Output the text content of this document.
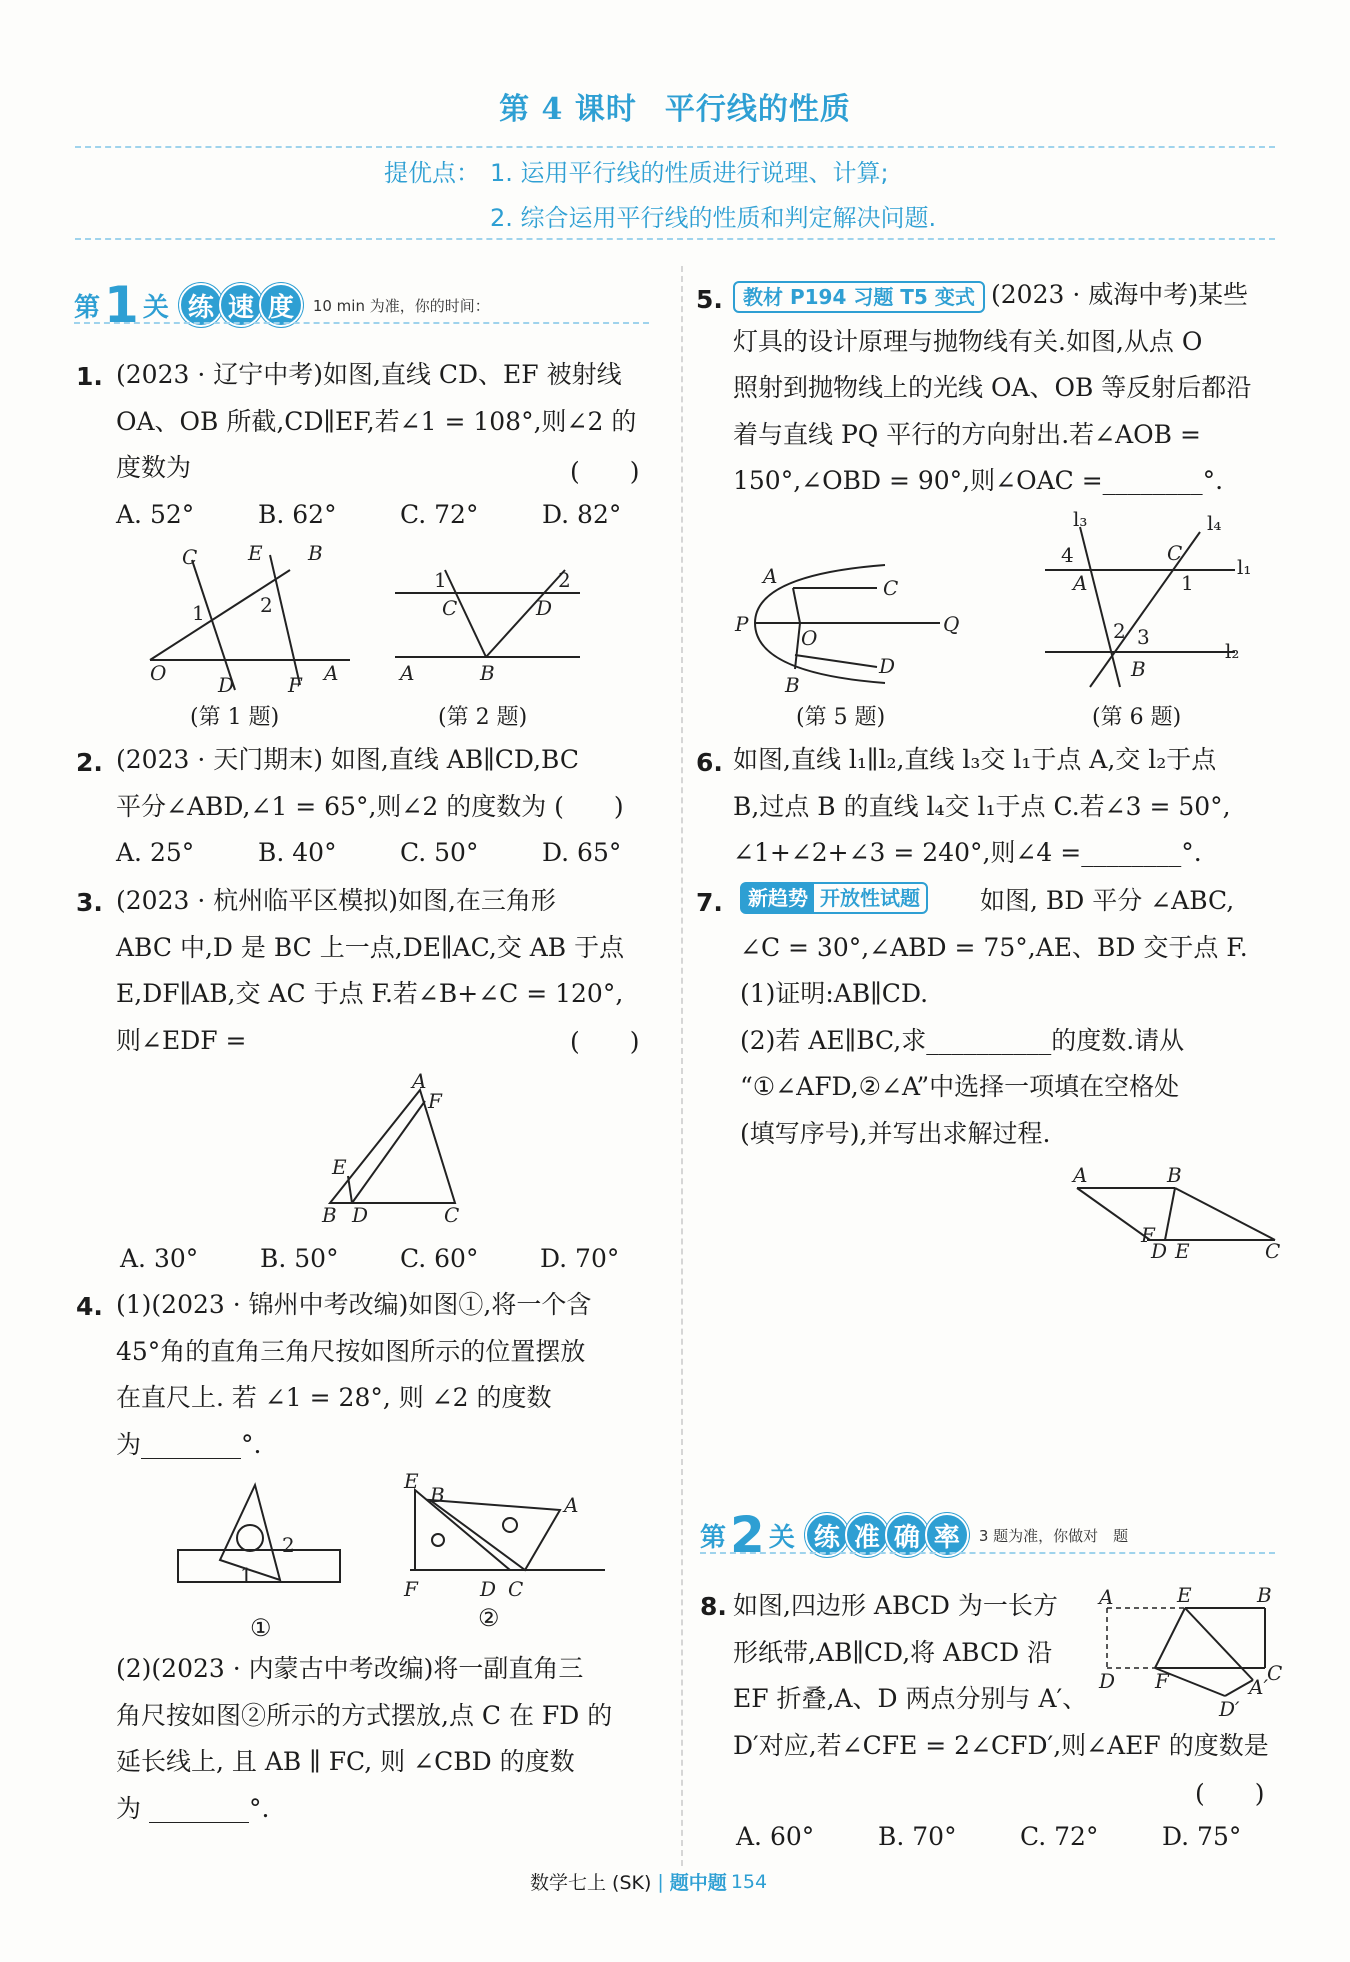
第 4 课时 平行线的性质
提优点： 1. 运用平行线的性质进行说理、计算;
2. 综合运用平行线的性质和判定解决问题.
第 1 关 练 速 度	10 min 为准，你的时间：
1. (2023 · 辽宁中考)如图,直线 CD、EF 被射线
OA、OB 所截,CD∥EF,若∠1 = 108°,则∠2 的
度数为	(　　)
A. 52°	B. 62°	C. 72°	D. 82°
C	E B
O	D	F A
1	2
(第 1 题)
1	2
C	D
A	B
(第 2 题)
2. (2023 · 天门期末) 如图,直线 AB∥CD,BC
平分∠ABD,∠1 = 65°,则∠2 的度数为 (　　)
A. 25°	B. 40°	C. 50°	D. 65°
3. (2023 · 杭州临平区模拟)如图,在三角形
ABC 中,D 是 BC 上一点,DE∥AC,交 AB 于点
E,DF∥AB,交 AC 于点 F.若∠B+∠C = 120°,
则∠EDF =	(　　)
A
F
E
B D	C
A. 30°	B. 50°	C. 60°	D. 70°
4. (1)(2023 · 锦州中考改编)如图①,将一个含
45°角的直角三角尺按如图所示的位置摆放
在直尺上. 若 ∠1 = 28°, 则 ∠2 的度数
为________°.
2
1
①
E
B	A
F	D C
②
(2)(2023 · 内蒙古中考改编)将一副直角三
角尺按如图②所示的方式摆放,点 C 在 FD 的
延长线上, 且 AB ∥ FC, 则 ∠CBD 的度数
为 ________°.
5.	教材 P194 习题 T5 变式 (2023 · 威海中考)某些
灯具的设计原理与抛物线有关.如图,从点 O
照射到抛物线上的光线 OA、OB 等反射后都沿
着与直线 PQ 平行的方向射出.若∠AOB =
150°,∠OBD = 90°,则∠OAC =________°.
A	C
P
O
Q
B
D
(第 5 题)
l₃	l₄
l₁
l₂
4
A
C
1
2 3
B
(第 6 题)
6. 如图,直线 l₁∥l₂,直线 l₃交 l₁于点 A,交 l₂于点
B,过点 B 的直线 l₄交 l₁于点 C.若∠3 = 50°,
∠1+∠2+∠3 = 240°,则∠4 =________°.
7.	新趋势 开放性试题	如图, BD 平分 ∠ABC,
∠C = 30°,∠ABD = 75°,AE、BD 交于点 F.
(1)证明:AB∥CD.
(2)若 AE∥BC,求__________的度数.请从
“①∠AFD,②∠A”中选择一项填在空格处
(填写序号),并写出求解过程.
A	B
F
D E	C
第 2 关 练 准 确 率	3 题为准，你做对　题
8. 如图,四边形 ABCD 为一长方
形纸带,AB∥CD,将 ABCD 沿
EF 折叠,A、D 两点分别与 A′、
D′对应,若∠CFE = 2∠CFD′,则∠AEF 的度数是
(　　)
A	E	B
D F	C
A′
D′
A. 60°	B. 70°	C. 72°	D. 75°
数学七上 (SK) | 题中题 154
